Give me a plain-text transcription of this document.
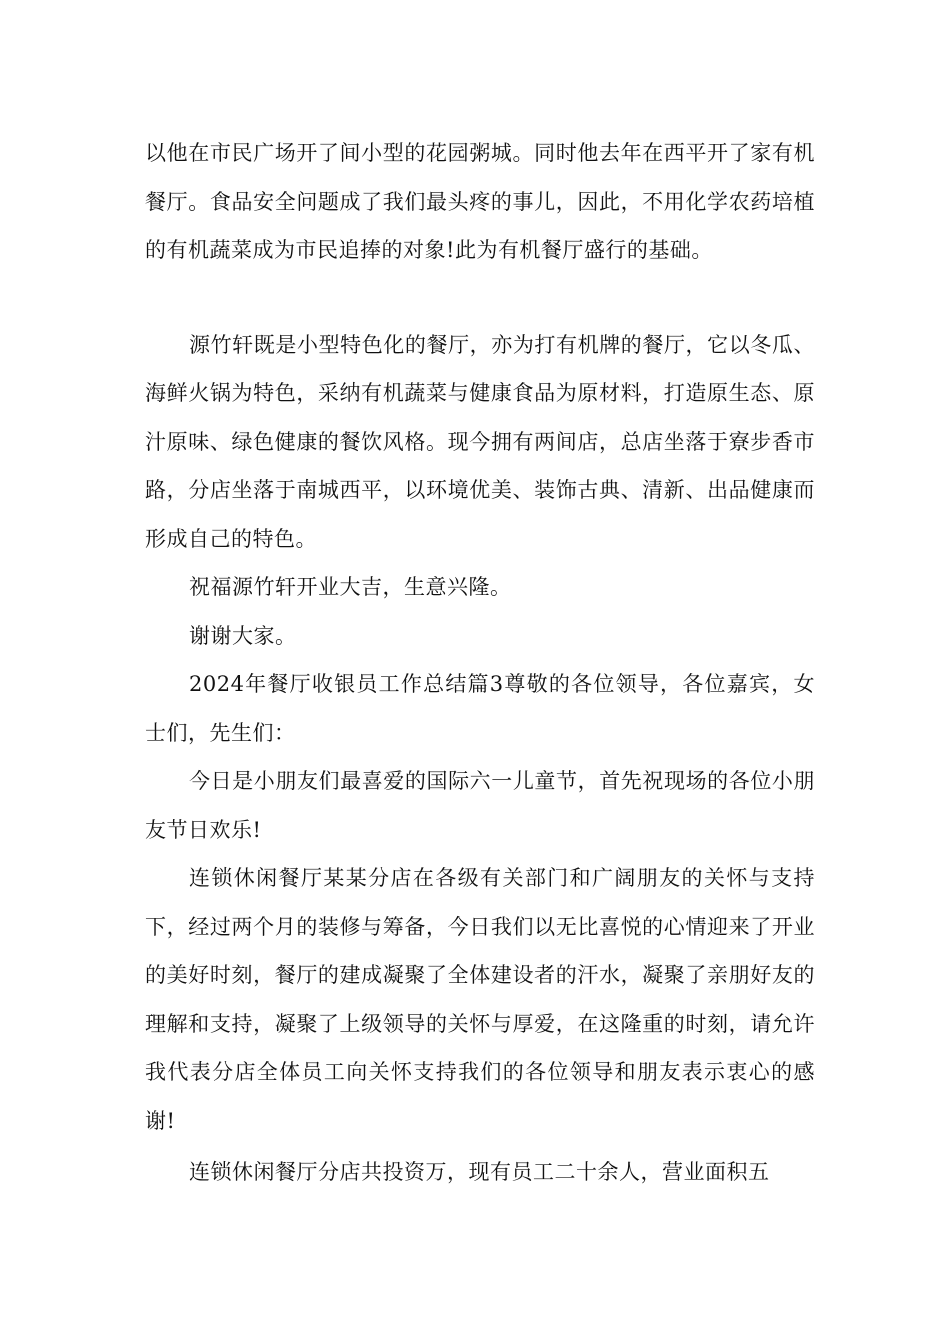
以他在市民广场开了间小型的花园粥城。同时他去年在西平开了家有机餐厅。食品安全问题成了我们最头疼的事儿，因此，不用化学农药培植的有机蔬菜成为市民追捧的对象!此为有机餐厅盛行的基础。

源竹轩既是小型特色化的餐厅，亦为打有机牌的餐厅，它以冬瓜、海鲜火锅为特色，采纳有机蔬菜与健康食品为原材料，打造原生态、原汁原味、绿色健康的餐饮风格。现今拥有两间店，总店坐落于寮步香市路，分店坐落于南城西平，以环境优美、装饰古典、清新、出品健康而形成自己的特色。

祝福源竹轩开业大吉，生意兴隆。

谢谢大家。

2024年餐厅收银员工作总结篇3尊敬的各位领导，各位嘉宾，女士们，先生们：

今日是小朋友们最喜爱的国际六一儿童节，首先祝现场的各位小朋友节日欢乐!

连锁休闲餐厅某某分店在各级有关部门和广阔朋友的关怀与支持下，经过两个月的装修与筹备，今日我们以无比喜悦的心情迎来了开业的美好时刻，餐厅的建成凝聚了全体建设者的汗水，凝聚了亲朋好友的理解和支持，凝聚了上级领导的关怀与厚爱，在这隆重的时刻，请允许我代表分店全体员工向关怀支持我们的各位领导和朋友表示衷心的感谢!

连锁休闲餐厅分店共投资万，现有员工二十余人，营业面积五
